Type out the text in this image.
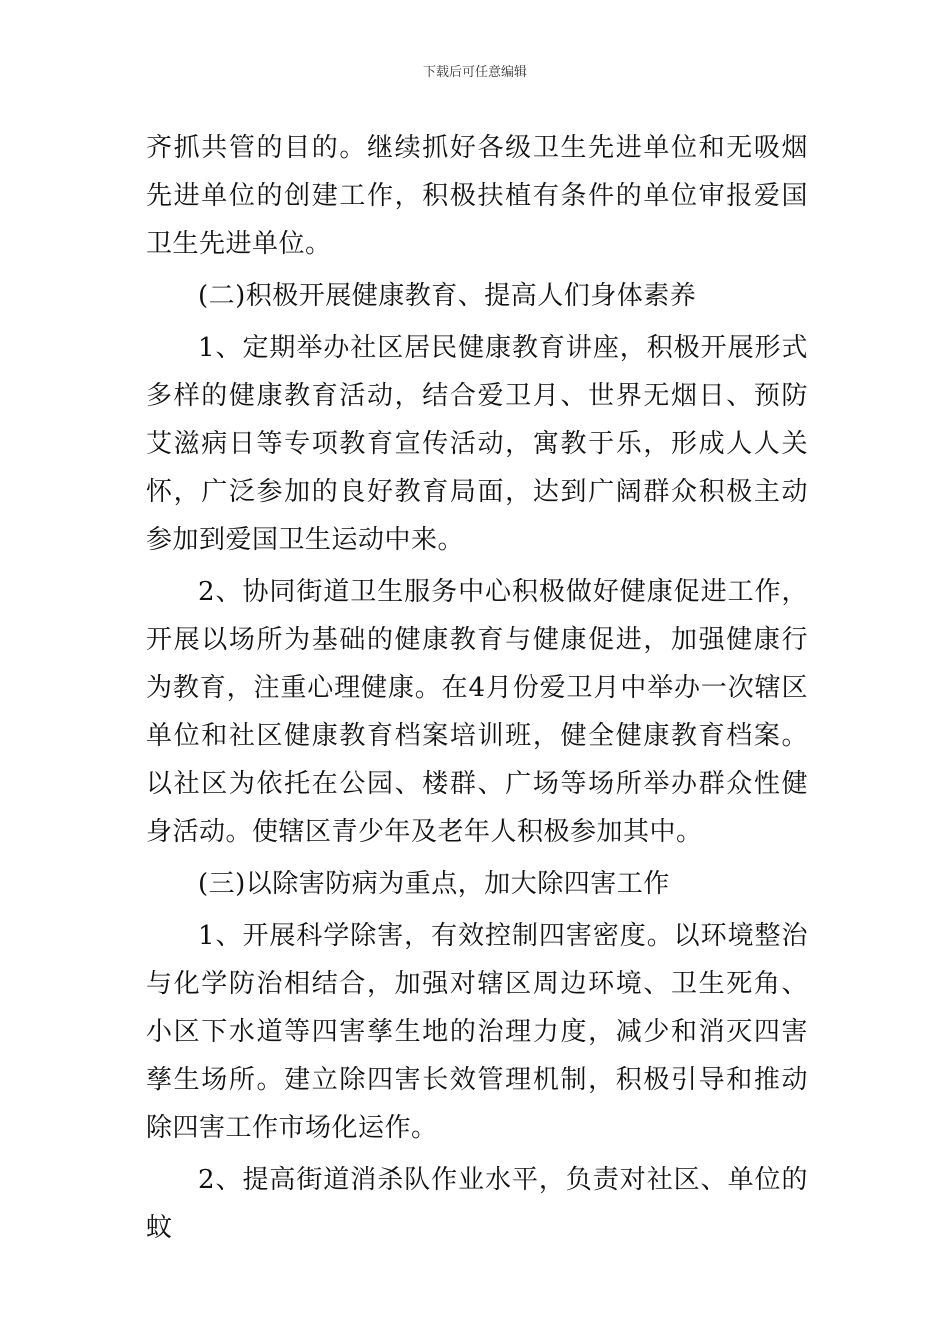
下载后可任意编辑

齐抓共管的目的。继续抓好各级卫生先进单位和无吸烟先进单位的创建工作，积极扶植有条件的单位审报爱国卫生先进单位。

(二)积极开展健康教育、提高人们身体素养

1、定期举办社区居民健康教育讲座，积极开展形式多样的健康教育活动，结合爱卫月、世界无烟日、预防艾滋病日等专项教育宣传活动，寓教于乐，形成人人关怀，广泛参加的良好教育局面，达到广阔群众积极主动参加到爱国卫生运动中来。

2、协同街道卫生服务中心积极做好健康促进工作，开展以场所为基础的健康教育与健康促进，加强健康行为教育，注重心理健康。在4月份爱卫月中举办一次辖区单位和社区健康教育档案培训班，健全健康教育档案。以社区为依托在公园、楼群、广场等场所举办群众性健身活动。使辖区青少年及老年人积极参加其中。

(三)以除害防病为重点，加大除四害工作

1、开展科学除害，有效控制四害密度。以环境整治与化学防治相结合，加强对辖区周边环境、卫生死角、小区下水道等四害孳生地的治理力度，减少和消灭四害孳生场所。建立除四害长效管理机制，积极引导和推动除四害工作市场化运作。

2、提高街道消杀队作业水平，负责对社区、单位的蚊
